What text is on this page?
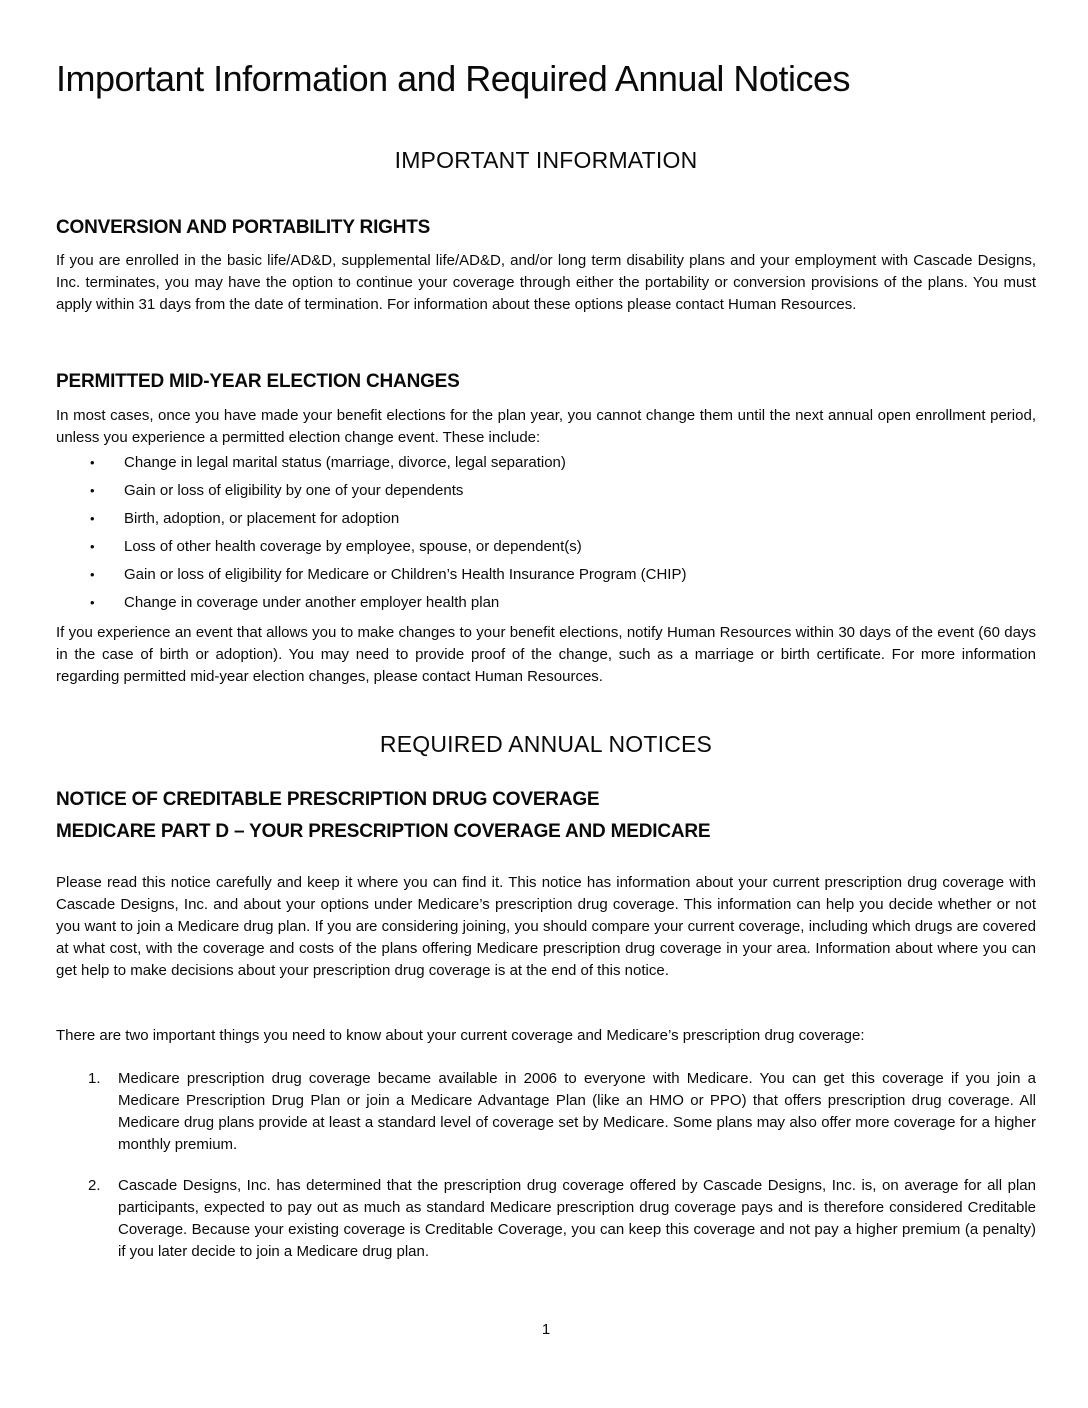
Important Information and Required Annual Notices
IMPORTANT INFORMATION
CONVERSION AND PORTABILITY RIGHTS
If you are enrolled in the basic life/AD&D, supplemental life/AD&D, and/or long term disability plans and your employment with Cascade Designs, Inc. terminates, you may have the option to continue your coverage through either the portability or conversion provisions of the plans. You must apply within 31 days from the date of termination. For information about these options please contact Human Resources.
PERMITTED MID-YEAR ELECTION CHANGES
In most cases, once you have made your benefit elections for the plan year, you cannot change them until the next annual open enrollment period, unless you experience a permitted election change event. These include:
•	Change in legal marital status (marriage, divorce, legal separation)
•	Gain or loss of eligibility by one of your dependents
•	Birth, adoption, or placement for adoption
•	Loss of other health coverage by employee, spouse, or dependent(s)
•	Gain or loss of eligibility for Medicare or Children’s Health Insurance Program (CHIP)
•	Change in coverage under another employer health plan
If you experience an event that allows you to make changes to your benefit elections, notify Human Resources within 30 days of the event (60 days in the case of birth or adoption). You may need to provide proof of the change, such as a marriage or birth certificate. For more information regarding permitted mid-year election changes, please contact Human Resources.
REQUIRED ANNUAL NOTICES
NOTICE OF CREDITABLE PRESCRIPTION DRUG COVERAGE
MEDICARE PART D – YOUR PRESCRIPTION COVERAGE AND MEDICARE
Please read this notice carefully and keep it where you can find it. This notice has information about your current prescription drug coverage with Cascade Designs, Inc. and about your options under Medicare’s prescription drug coverage. This information can help you decide whether or not you want to join a Medicare drug plan. If you are considering joining, you should compare your current coverage, including which drugs are covered at what cost, with the coverage and costs of the plans offering Medicare prescription drug coverage in your area. Information about where you can get help to make decisions about your prescription drug coverage is at the end of this notice.
There are two important things you need to know about your current coverage and Medicare’s prescription drug coverage:
1.	Medicare prescription drug coverage became available in 2006 to everyone with Medicare. You can get this coverage if you join a Medicare Prescription Drug Plan or join a Medicare Advantage Plan (like an HMO or PPO) that offers prescription drug coverage. All Medicare drug plans provide at least a standard level of coverage set by Medicare. Some plans may also offer more coverage for a higher monthly premium.
2.	Cascade Designs, Inc. has determined that the prescription drug coverage offered by Cascade Designs, Inc. is, on average for all plan participants, expected to pay out as much as standard Medicare prescription drug coverage pays and is therefore considered Creditable Coverage. Because your existing coverage is Creditable Coverage, you can keep this coverage and not pay a higher premium (a penalty) if you later decide to join a Medicare drug plan.
1
